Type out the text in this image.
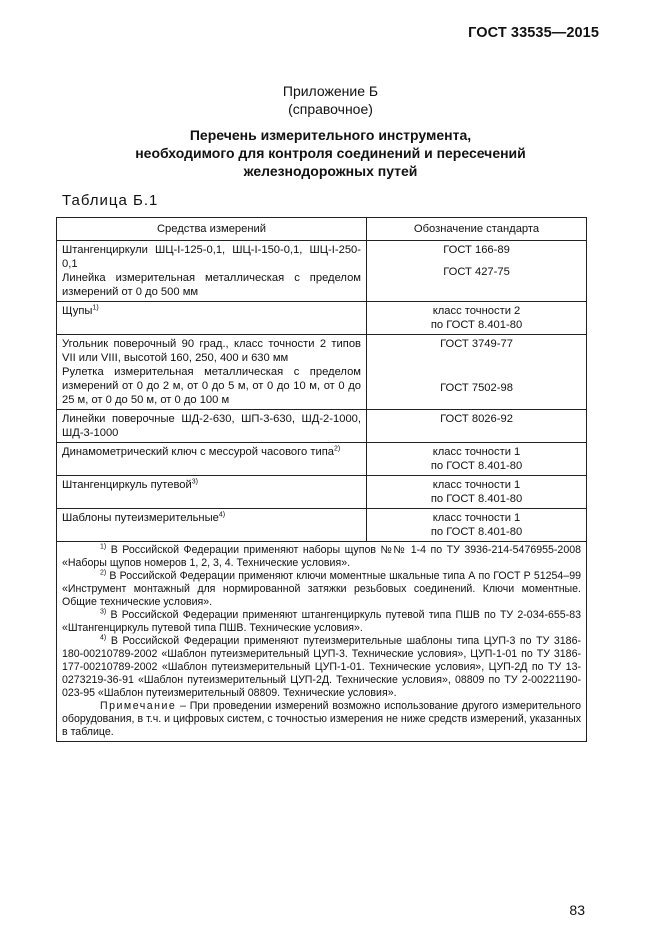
ГОСТ 33535—2015
Приложение Б
(справочное)
Перечень измерительного инструмента,
необходимого для контроля соединений и пересечений
железнодорожных путей
Таблица Б.1
Средства измерений	Обозначение стандарта

Штангенциркули ШЦ-I-125-0,1, ШЦ-I-150-0,1, ШЦ-I-250-0,1
Линейка измерительная металлическая с пределом измерений от 0 до 500 мм	ГОСТ 166-89
ГОСТ 427-75

Щупы$^{1)}$	класс точности 2
по ГОСТ 8.401-80

Угольник поверочный 90 град., класс точности 2 типов VII или VIII, высотой 160, 250, 400 и 630 мм
Рулетка измерительная металлическая с пределом измерений от 0 до 2 м, от 0 до 5 м, от 0 до 10 м, от 0 до 25 м, от 0 до 50 м, от 0 до 100 м	ГОСТ 3749-77
ГОСТ 7502-98

Линейки поверочные ШД-2-630, ШП-3-630, ШД-2-1000, ШД-3-1000	ГОСТ 8026-92

Динамометрический ключ с мессурой часового типа$^{2)}$	класс точности 1
по ГОСТ 8.401-80

Штангенциркуль путевой$^{3)}$	класс точности 1
по ГОСТ 8.401-80

Шаблоны путеизмерительные$^{4)}$	класс точности 1
по ГОСТ 8.401-80

$^{1)}$ В Российской Федерации применяют наборы щупов №№ 1-4 по ТУ 3936-214-5476955-2008 «Наборы щупов номеров 1, 2, 3, 4. Технические условия».

$^{2)}$ В Российской Федерации применяют ключи моментные шкальные типа А по ГОСТ Р 51254–99 «Инструмент монтажный для нормированной затяжки резьбовых соединений. Ключи моментные. Общие технические условия».

$^{3)}$ В Российской Федерации применяют штангенциркуль путевой типа ПШВ по ТУ 2-034-655-83 «Штангенциркуль путевой типа ПШВ. Технические условия».

$^{4)}$ В Российской Федерации применяют путеизмерительные шаблоны типа ЦУП-3 по ТУ 3186-180-00210789-2002 «Шаблон путеизмерительный ЦУП-3. Технические условия», ЦУП-1-01 по ТУ 3186-177-00210789-2002 «Шаблон путеизмерительный ЦУП-1-01. Технические условия», ЦУП-2Д по ТУ 13-0273219-36-91 «Шаблон путеизмерительный ЦУП-2Д. Технические условия», 08809 по ТУ 2-00221190-023-95 «Шаблон путеизмерительный 08809. Технические условия».

Примечание – При проведении измерений возможно использование другого измерительного оборудования, в т.ч. и цифровых систем, с точностью измерения не ниже средств измерений, указанных в таблице.	

83
